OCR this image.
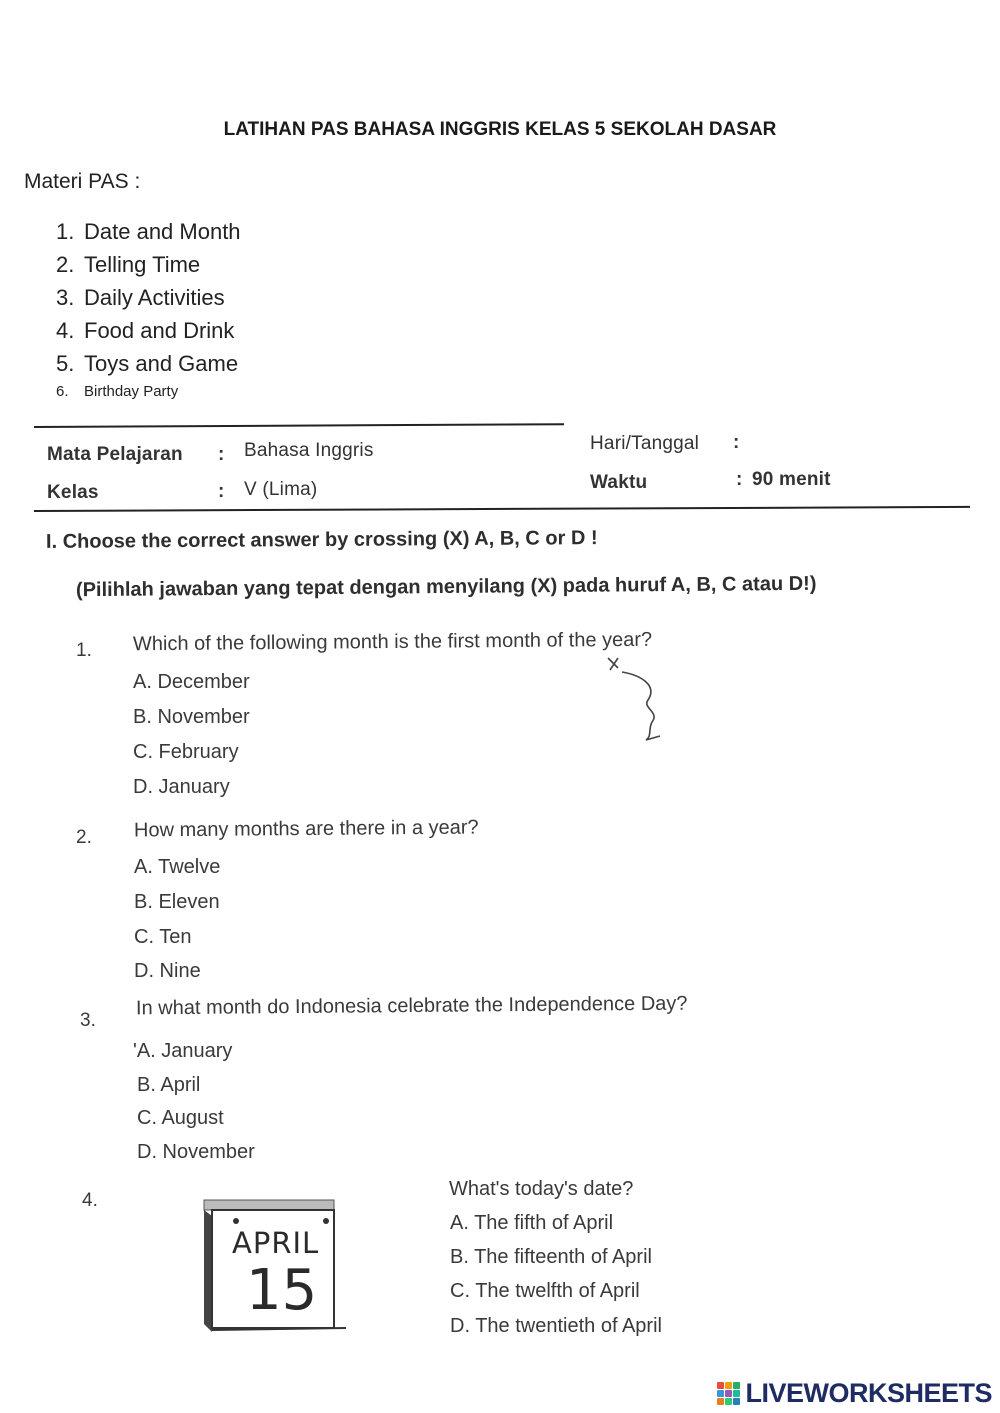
LATIHAN PAS BAHASA INGGRIS KELAS 5 SEKOLAH DASAR
Materi PAS :
1. Date and Month
2. Telling Time
3. Daily Activities
4. Food and Drink
5. Toys and Game
6. Birthday Party
Mata Pelajaran : Bahasa Inggris
Kelas	: V (Lima)
Hari/Tanggal :
Waktu	: 90 menit
I. Choose the correct answer by crossing (X) A, B, C or D !
(Pilihlah jawaban yang tepat dengan menyilang (X) pada huruf A, B, C atau D!)
1. Which of the following month is the first month of the year?
A. December
B. November
C. February
D. January
2. How many months are there in a year?
A. Twelve
B. Eleven
C. Ten
D. Nine
3.
In what month do Indonesia celebrate the Independence Day?
'A. January
B. April
C. August
D. November
4.
APRIL
15
What's today's date?
A. The fifth of April
B. The fifteenth of April
C. The twelfth of April
D. The twentieth of April
LIVEWORKSHEETS
